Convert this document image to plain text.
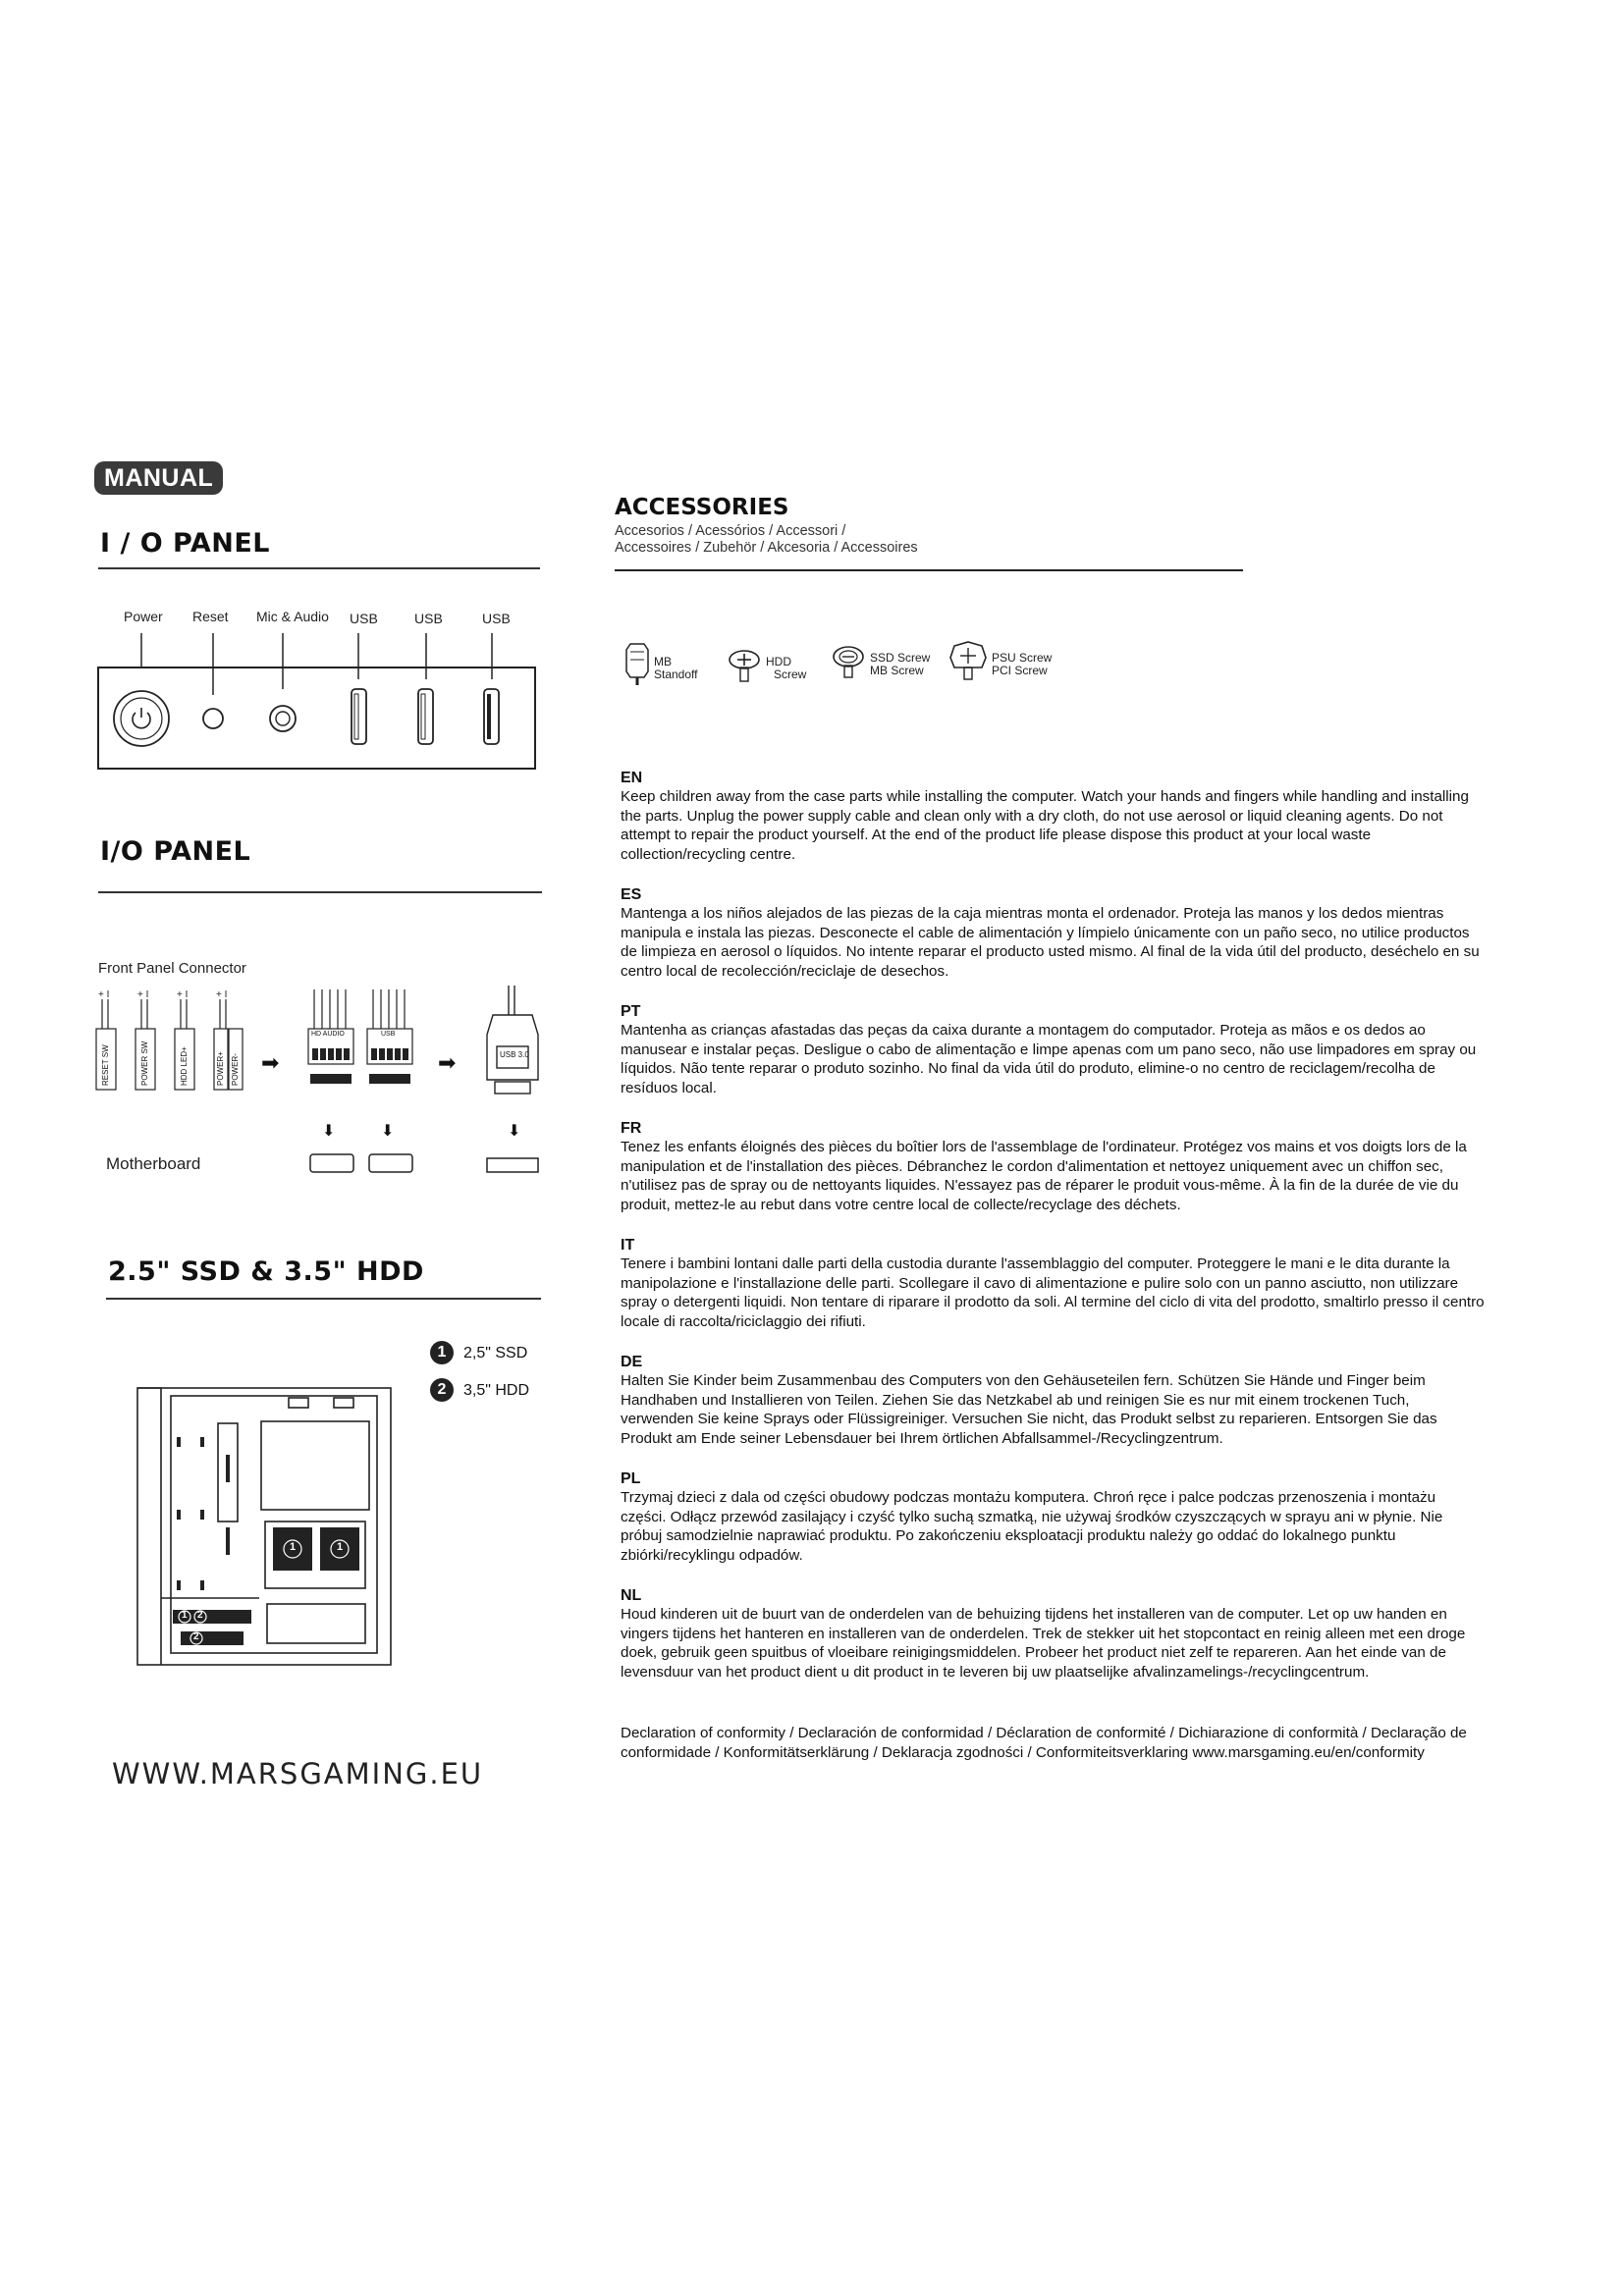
MANUAL
I / O PANEL
Power Reset Mic & Audio USB	USB	USB
I/O PANEL
Front Panel Connector
+ I	+ I	+ I	+ I
RESET SW	POWER SW	HDD LED+	POWER+ POWER- ➡
HD AUDIO	USB
⬇	⬇
➡	USB 3.0
⬇
Motherboard
2.5" SSD & 3.5" HDD
1	2,5" SSD
2	3,5" HDD
1	1
1 2
2
WWW.MARSGAMING.EU
ACCESSORIES
Accesorios / Acessórios / Accessori /
Accessoires / Zubehör / Akcesoria / Accessoires
MB
Standoff
HDD
Screw
SSD Screw
MB Screw
PSU Screw
PCI Screw
EN
Keep children away from the case parts while installing the computer. Watch your hands and fingers while handling and installing the parts. Unplug the power supply cable and clean only with a dry cloth, do not use aerosol or liquid cleaning agents. Do not attempt to repair the product yourself. At the end of the product life please dispose this product at your local waste collection/recycling centre.
ES
Mantenga a los niños alejados de las piezas de la caja mientras monta el ordenador. Proteja las manos y los dedos mientras manipula e instala las piezas. Desconecte el cable de alimentación y límpielo únicamente con un paño seco, no utilice productos de limpieza en aerosol o líquidos. No intente reparar el producto usted mismo. Al final de la vida útil del producto, deséchelo en su centro local de recolección/reciclaje de desechos.
PT
Mantenha as crianças afastadas das peças da caixa durante a montagem do computador. Proteja as mãos e os dedos ao manusear e instalar peças. Desligue o cabo de alimentação e limpe apenas com um pano seco, não use limpadores em spray ou líquidos. Não tente reparar o produto sozinho. No final da vida útil do produto, elimine-o no centro de reciclagem/recolha de resíduos local.
FR
Tenez les enfants éloignés des pièces du boîtier lors de l'assemblage de l'ordinateur. Protégez vos mains et vos doigts lors de la manipulation et de l'installation des pièces. Débranchez le cordon d'alimentation et nettoyez uniquement avec un chiffon sec, n'utilisez pas de spray ou de nettoyants liquides. N'essayez pas de réparer le produit vous-même. À la fin de la durée de vie du produit, mettez-le au rebut dans votre centre local de collecte/recyclage des déchets.
IT
Tenere i bambini lontani dalle parti della custodia durante l'assemblaggio del computer. Proteggere le mani e le dita durante la manipolazione e l'installazione delle parti. Scollegare il cavo di alimentazione e pulire solo con un panno asciutto, non utilizzare spray o detergenti liquidi. Non tentare di riparare il prodotto da soli. Al termine del ciclo di vita del prodotto, smaltirlo presso il centro locale di raccolta/riciclaggio dei rifiuti.
DE
Halten Sie Kinder beim Zusammenbau des Computers von den Gehäuseteilen fern. Schützen Sie Hände und Finger beim Handhaben und Installieren von Teilen. Ziehen Sie das Netzkabel ab und reinigen Sie es nur mit einem trockenen Tuch, verwenden Sie keine Sprays oder Flüssigreiniger. Versuchen Sie nicht, das Produkt selbst zu reparieren. Entsorgen Sie das Produkt am Ende seiner Lebensdauer bei Ihrem örtlichen Abfallsammel-/Recyclingzentrum.
PL
Trzymaj dzieci z dala od części obudowy podczas montażu komputera. Chroń ręce i palce podczas przenoszenia i montażu części. Odłącz przewód zasilający i czyść tylko suchą szmatką, nie używaj środków czyszczących w sprayu ani w płynie. Nie próbuj samodzielnie naprawiać produktu. Po zakończeniu eksploatacji produktu należy go oddać do lokalnego punktu zbiórki/recyklingu odpadów.
NL
Houd kinderen uit de buurt van de onderdelen van de behuizing tijdens het installeren van de computer. Let op uw handen en vingers tijdens het hanteren en installeren van de onderdelen. Trek de stekker uit het stopcontact en reinig alleen met een droge doek, gebruik geen spuitbus of vloeibare reinigingsmiddelen. Probeer het product niet zelf te repareren. Aan het einde van de levensduur van het product dient u dit product in te leveren bij uw plaatselijke afvalinzamelings-/recyclingcentrum.
Declaration of conformity / Declaración de conformidad / Déclaration de conformité / Dichiarazione di conformità / Declaração de conformidade / Konformitätserklärung / Deklaracja zgodności / Conformiteitsverklaring www.marsgaming.eu/en/conformity
